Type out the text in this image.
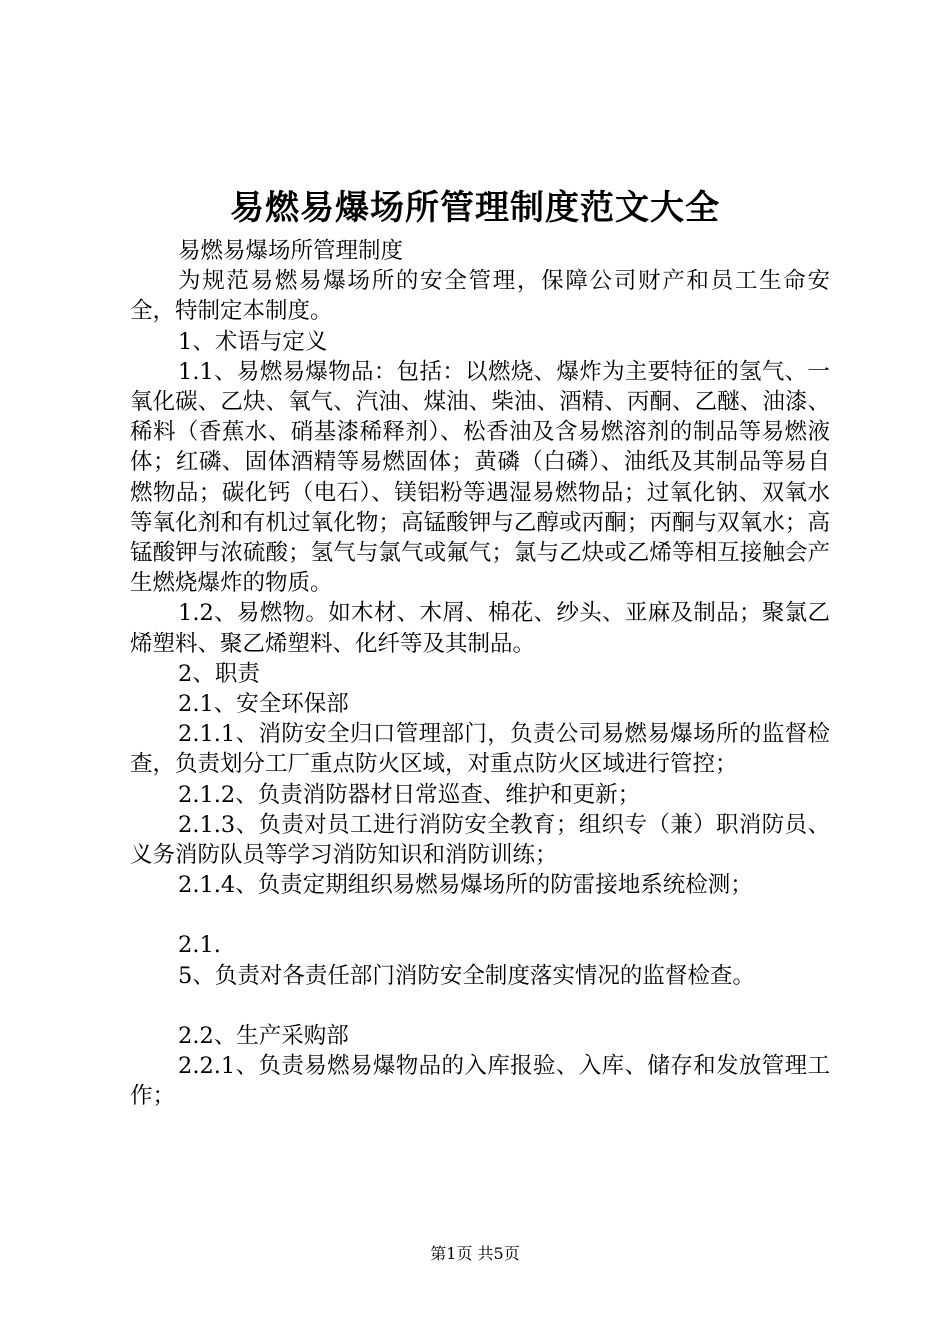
易燃易爆场所管理制度范文大全

易燃易爆场所管理制度

为规范易燃易爆场所的安全管理，保障公司财产和员工生命安全，特制定本制度。

1、术语与定义

1.1、易燃易爆物品：包括：以燃烧、爆炸为主要特征的氢气、一氧化碳、乙炔、氧气、汽油、煤油、柴油、酒精、丙酮、乙醚、油漆、稀料（香蕉水、硝基漆稀释剂）、松香油及含易燃溶剂的制品等易燃液体；红磷、固体酒精等易燃固体；黄磷（白磷）、油纸及其制品等易自燃物品；碳化钙（电石）、镁铝粉等遇湿易燃物品；过氧化钠、双氧水等氧化剂和有机过氧化物；高锰酸钾与乙醇或丙酮；丙酮与双氧水；高锰酸钾与浓硫酸；氢气与氯气或氟气；氯与乙炔或乙烯等相互接触会产生燃烧爆炸的物质。

1.2、易燃物。如木材、木屑、棉花、纱头、亚麻及制品；聚氯乙烯塑料、聚乙烯塑料、化纤等及其制品。

2、职责

2.1、安全环保部

2.1.1、消防安全归口管理部门，负责公司易燃易爆场所的监督检查，负责划分工厂重点防火区域，对重点防火区域进行管控；

2.1.2、负责消防器材日常巡查、维护和更新；

2.1.3、负责对员工进行消防安全教育；组织专（兼）职消防员、义务消防队员等学习消防知识和消防训练；

2.1.4、负责定期组织易燃易爆场所的防雷接地系统检测；

2.1.

5、负责对各责任部门消防安全制度落实情况的监督检查。

2.2、生产采购部

2.2.1、负责易燃易爆物品的入库报验、入库、储存和发放管理工作；

第1页 共5页
